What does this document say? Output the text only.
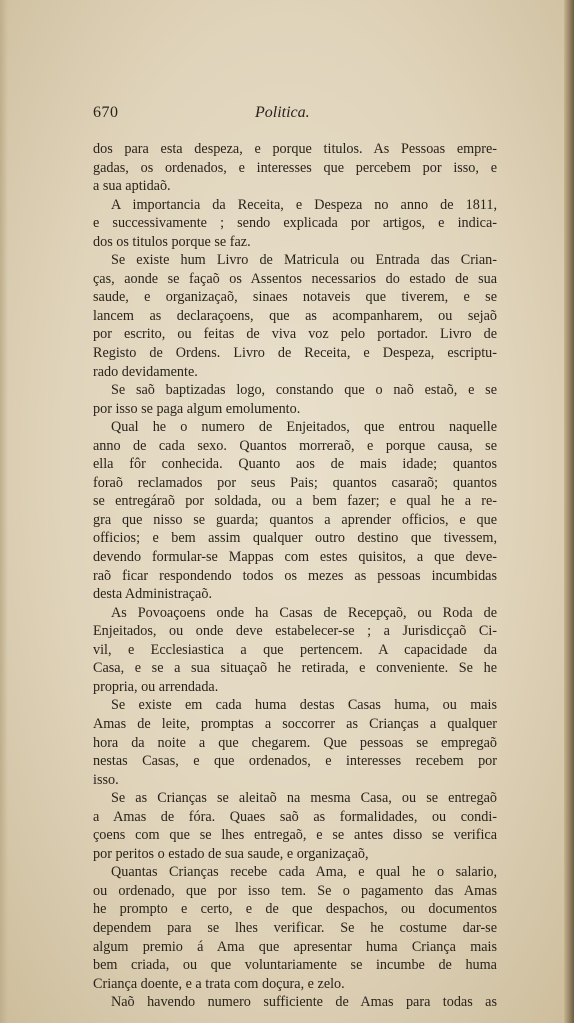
670	Politica.
dos para esta despeza, e porque titulos. As Pessoas empre-
gadas, os ordenados, e interesses que percebem por isso, e
a sua aptidaõ.
A importancia da Receita, e Despeza no anno de 1811,
e successivamente ; sendo explicada por artigos, e indica-
dos os titulos porque se faz.
Se existe hum Livro de Matricula ou Entrada das Crian-
ças, aonde se façaõ os Assentos necessarios do estado de sua
saude, e organizaçaõ, sinaes notaveis que tiverem, e se
lancem as declaraçoens, que as acompanharem, ou sejaõ
por escrito, ou feitas de viva voz pelo portador. Livro de
Registo de Ordens. Livro de Receita, e Despeza, escriptu-
rado devidamente.
Se saõ baptizadas logo, constando que o naõ estaõ, e se
por isso se paga algum emolumento.
Qual he o numero de Enjeitados, que entrou naquelle
anno de cada sexo. Quantos morreraõ, e porque causa, se
ella fôr conhecida. Quanto aos de mais idade; quantos
foraõ reclamados por seus Pais; quantos casaraõ; quantos
se entregáraõ por soldada, ou a bem fazer; e qual he a re-
gra que nisso se guarda; quantos a aprender officios, e que
officios; e bem assim qualquer outro destino que tivessem,
devendo formular-se Mappas com estes quisitos, a que deve-
raõ ficar respondendo todos os mezes as pessoas incumbidas
desta Administraçaõ.
As Povoaçoens onde ha Casas de Recepçaõ, ou Roda de
Enjeitados, ou onde deve estabelecer-se ; a Jurisdicçaõ Ci-
vil, e Ecclesiastica a que pertencem. A capacidade da
Casa, e se a sua situaçaõ he retirada, e conveniente. Se he
propria, ou arrendada.
Se existe em cada huma destas Casas huma, ou mais
Amas de leite, promptas a soccorrer as Crianças a qualquer
hora da noite a que chegarem. Que pessoas se empregaõ
nestas Casas, e que ordenados, e interesses recebem por
isso.
Se as Crianças se aleitaõ na mesma Casa, ou se entregaõ
a Amas de fóra. Quaes saõ as formalidades, ou condi-
çoens com que se lhes entregaõ, e se antes disso se verifica
por peritos o estado de sua saude, e organizaçaõ,
Quantas Crianças recebe cada Ama, e qual he o salario,
ou ordenado, que por isso tem. Se o pagamento das Amas
he prompto e certo, e de que despachos, ou documentos
dependem para se lhes verificar. Se he costume dar-se
algum premio á Ama que apresentar huma Criança mais
bem criada, ou que voluntariamente se incumbe de huma
Criança doente, e a trata com doçura, e zelo.
Naõ havendo numero sufficiente de Amas para todas as
